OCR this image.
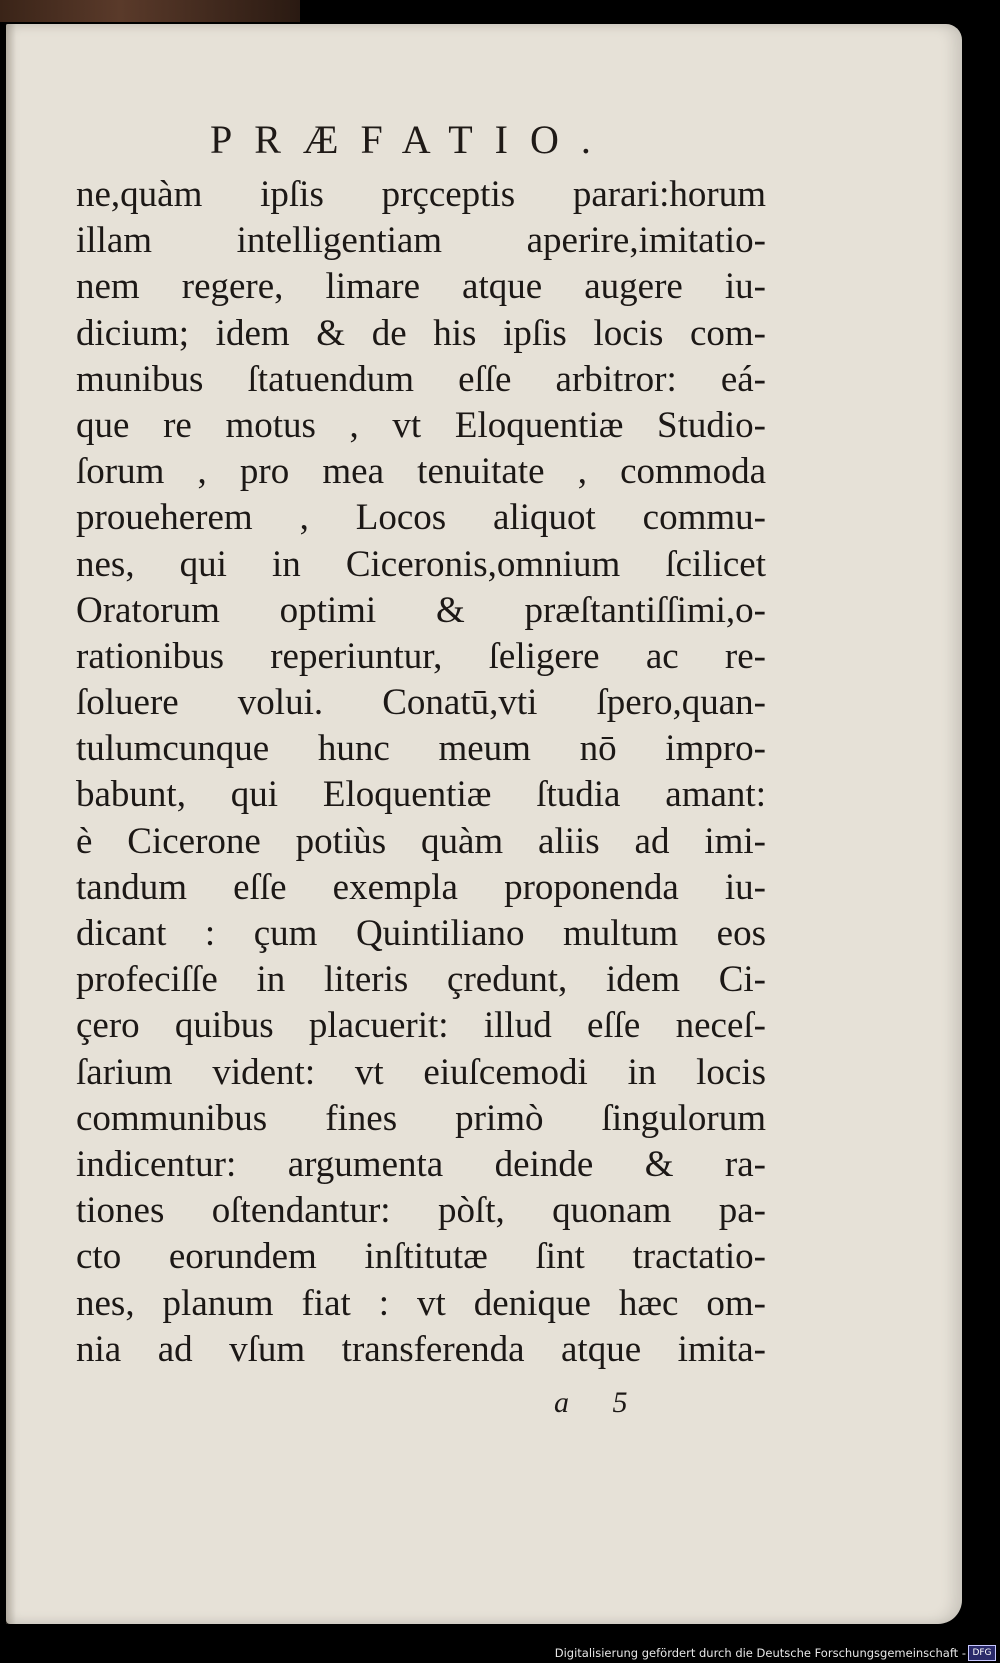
PRÆFATIO.
ne,quàm ipſis prçceptis parari:horum
illam intelligentiam aperire,imitatio-
nem regere, limare atque augere iu-
dicium; idem & de his ipſis locis com-
munibus ſtatuendum eſſe arbitror: eá-
que re motus , vt Eloquentiæ Studio-
ſorum , pro mea tenuitate , commoda
proueherem , Locos aliquot commu-
nes, qui in Ciceronis,omnium ſcilicet
Oratorum optimi & præſtantiſſimi,o-
rationibus reperiuntur, ſeligere ac re-
ſoluere volui. Conatū,vti ſpero,quan-
tulumcunque hunc meum nō impro-
babunt, qui Eloquentiæ ſtudia amant:
è Cicerone potiùs quàm aliis ad imi-
tandum eſſe exempla proponenda iu-
dicant : çum Quintiliano multum eos
profeciſſe in literis çredunt, idem Ci-
çero quibus placuerit: illud eſſe neceſ-
ſarium vident: vt eiuſcemodi in locis
communibus fines primò ſingulorum
indicentur: argumenta deinde & ra-
tiones oſtendantur: pòſt, quonam pa-
cto eorundem inſtitutæ ſint tractatio-
nes, planum fiat : vt denique hæc om-
nia ad vſum transferenda atque imita-
a 5
Digitalisierung gefördert durch die Deutsche Forschungsgemeinschaft - DFG
